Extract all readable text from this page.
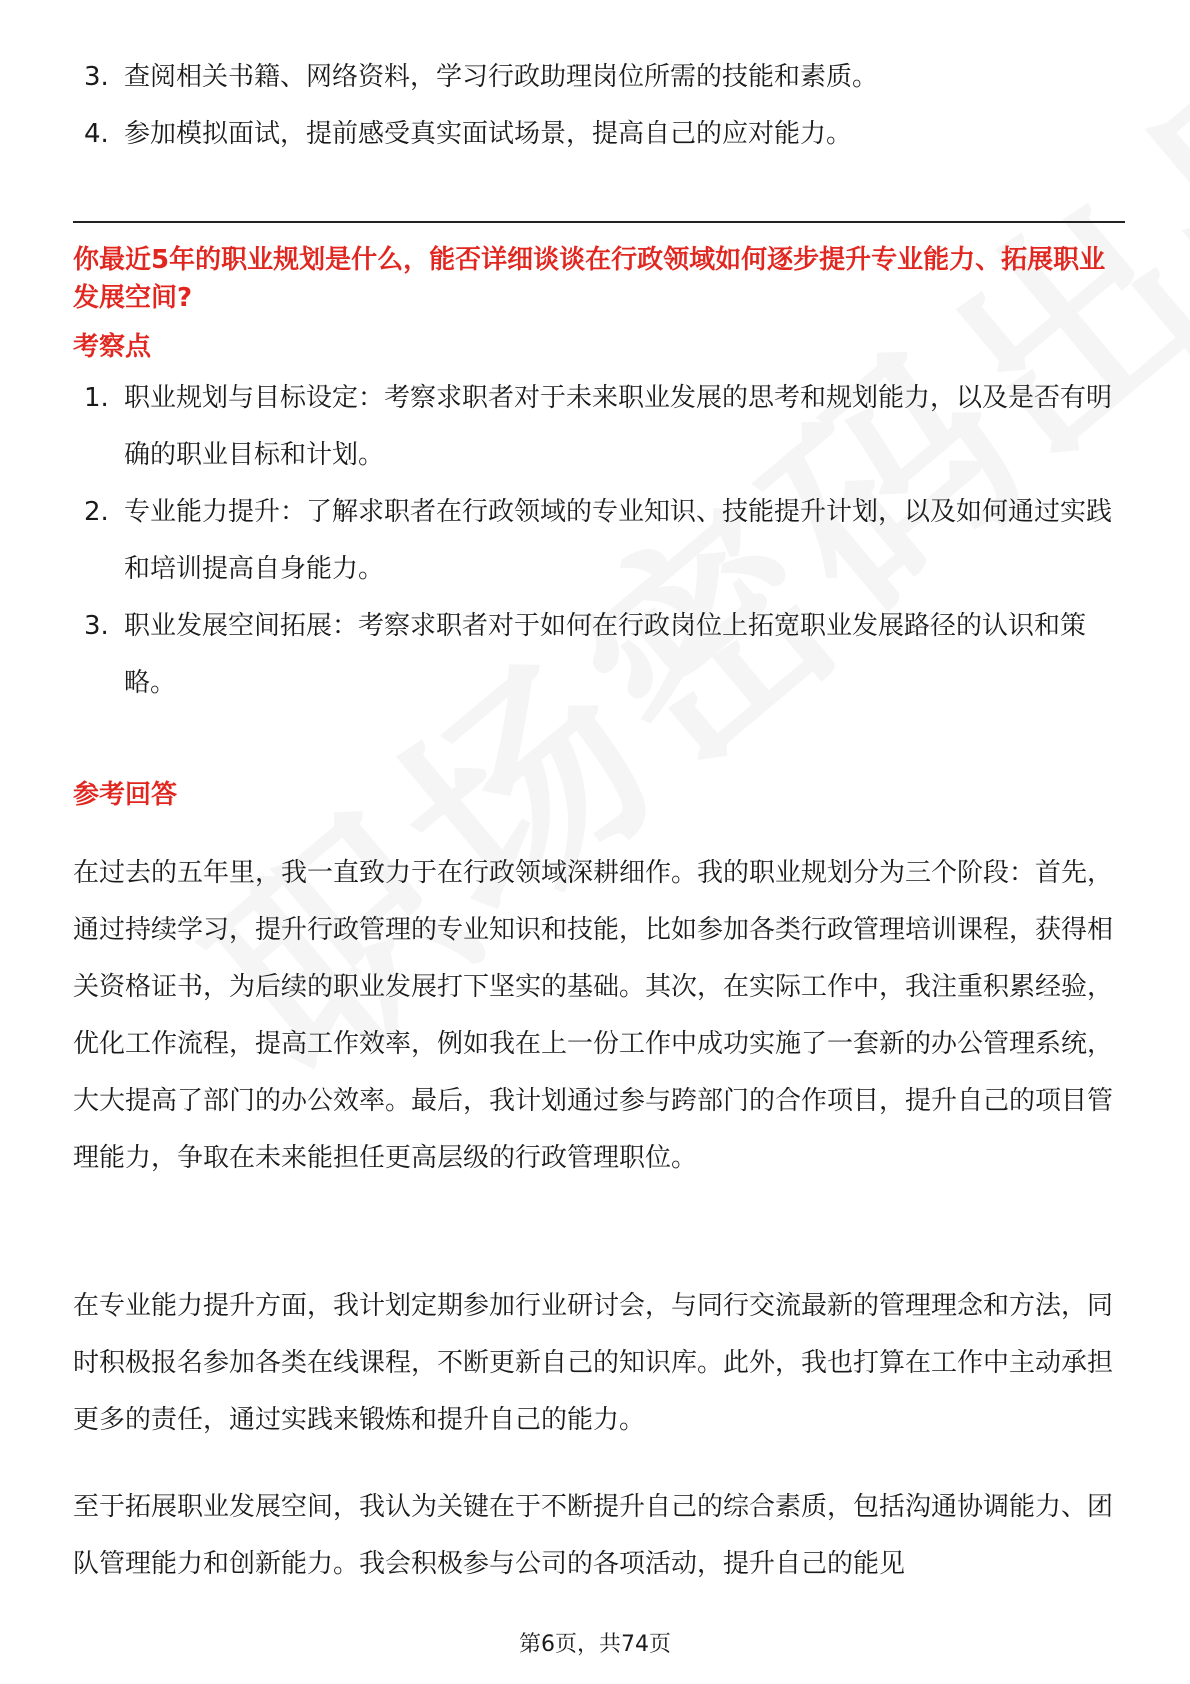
3. 查阅相关书籍、网络资料，学习行政助理岗位所需的技能和素质。
4. 参加模拟面试，提前感受真实面试场景，提高自己的应对能力。
你最近5年的职业规划是什么，能否详细谈谈在行政领域如何逐步提升专业能力、拓展职业发展空间?
考察点
1. 职业规划与目标设定：考察求职者对于未来职业发展的思考和规划能力，以及是否有明确的职业目标和计划。
2. 专业能力提升：了解求职者在行政领域的专业知识、技能提升计划，以及如何通过实践和培训提高自身能力。
3. 职业发展空间拓展：考察求职者对于如何在行政岗位上拓宽职业发展路径的认识和策略。
参考回答
在过去的五年里，我一直致力于在行政领域深耕细作。我的职业规划分为三个阶段：首先，通过持续学习，提升行政管理的专业知识和技能，比如参加各类行政管理培训课程，获得相关资格证书，为后续的职业发展打下坚实的基础。其次，在实际工作中，我注重积累经验，优化工作流程，提高工作效率，例如我在上一份工作中成功实施了一套新的办公管理系统，大大提高了部门的办公效率。最后，我计划通过参与跨部门的合作项目，提升自己的项目管理能力，争取在未来能担任更高层级的行政管理职位。
在专业能力提升方面，我计划定期参加行业研讨会，与同行交流最新的管理理念和方法，同时积极报名参加各类在线课程，不断更新自己的知识库。此外，我也打算在工作中主动承担更多的责任，通过实践来锻炼和提升自己的能力。
至于拓展职业发展空间，我认为关键在于不断提升自己的综合素质，包括沟通协调能力、团队管理能力和创新能力。我会积极参与公司的各项活动，提升自己的能见
第6页，共74页
